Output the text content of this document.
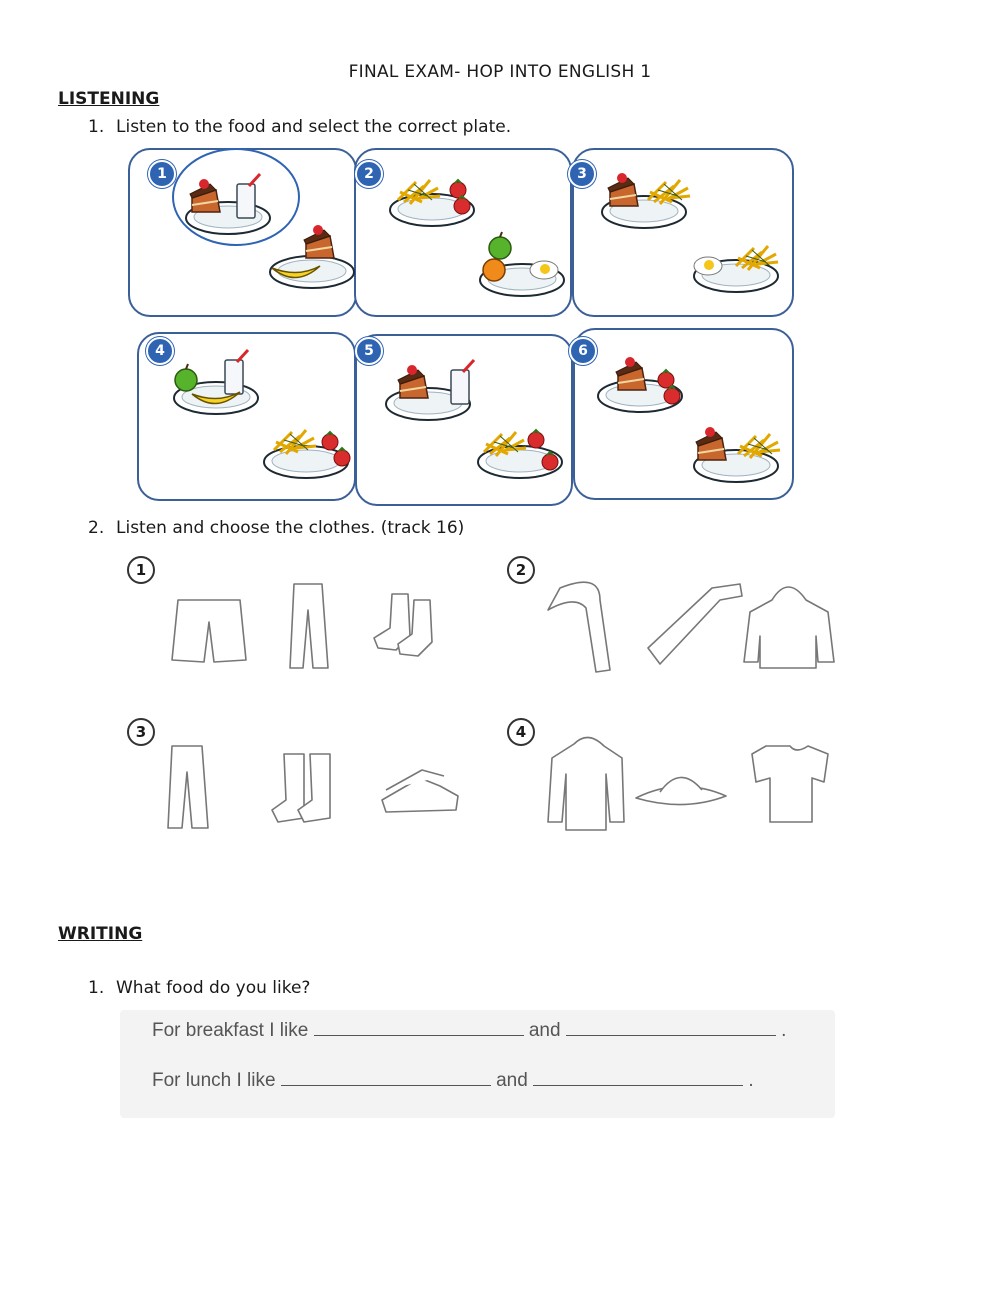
FINAL EXAM- HOP INTO ENGLISH 1
LISTENING
1. Listen to the food and select the correct plate.
1	2	3
4	5	6
2. Listen and choose the clothes. (track 16)
1	2
3	4
WRITING
1. What food do you like?
For breakfast I like	and	.
For lunch I like	and	.
